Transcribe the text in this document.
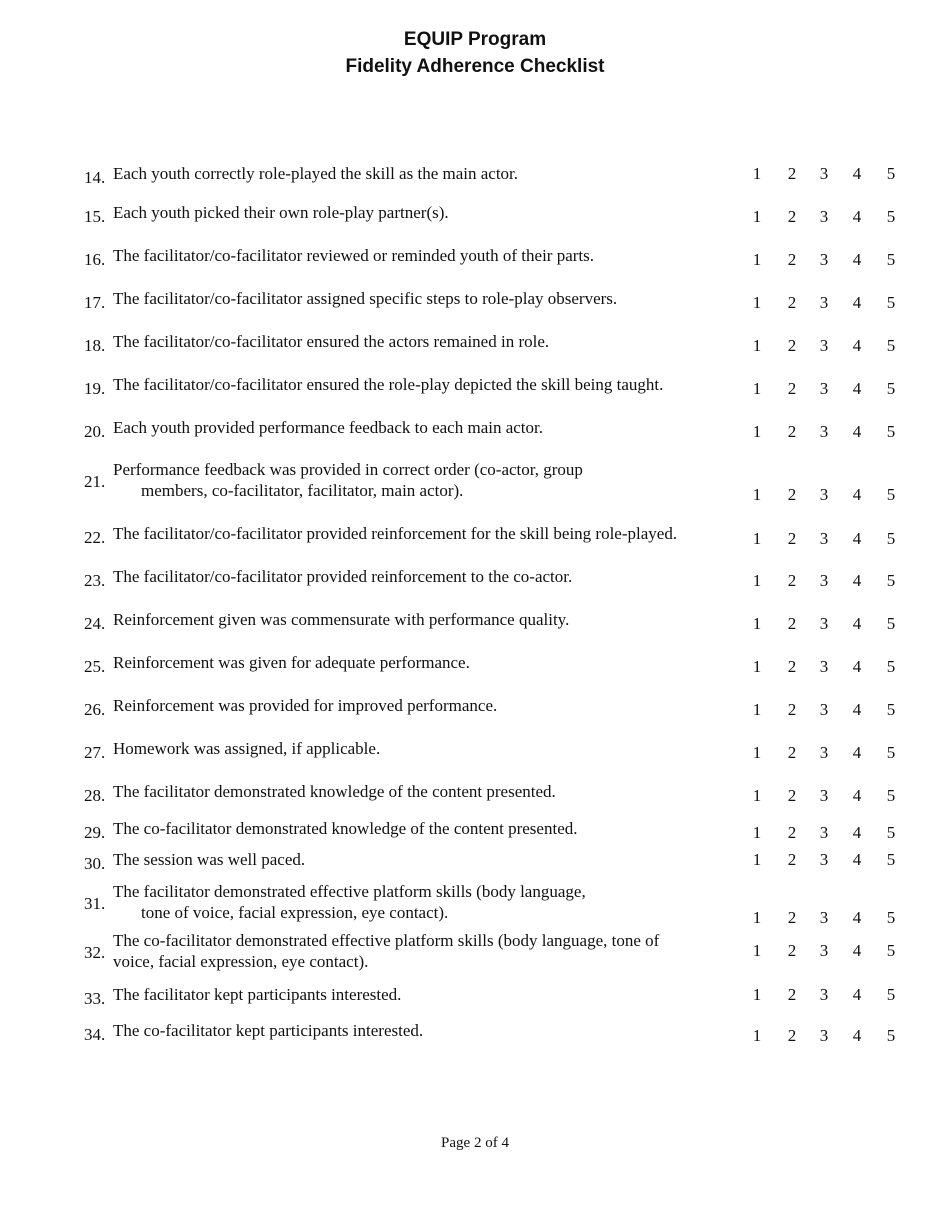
EQUIP Program
Fidelity Adherence Checklist
14. Each youth correctly role-played the skill as the main actor.	1	2	3	4	5
15. Each youth picked their own role-play partner(s).	1	2	3	4	5
16. The facilitator/co-facilitator reviewed or reminded youth of their parts.	1	2	3	4	5
17. The facilitator/co-facilitator assigned specific steps to role-play observers.	1	2	3	4	5
18. The facilitator/co-facilitator ensured the actors remained in role.	1	2	3	4	5
19. The facilitator/co-facilitator ensured the role-play depicted the skill being taught.	1	2	3	4	5
20. Each youth provided performance feedback to each main actor.	1	2	3	4	5
21.
Performance feedback was provided in correct order (co-actor, group
members, co-facilitator, facilitator, main actor).	1	2	3	4	5
22. The facilitator/co-facilitator provided reinforcement for the skill being role-played.	1	2	3	4	5
23. The facilitator/co-facilitator provided reinforcement to the co-actor.	1	2	3	4	5
24. Reinforcement given was commensurate with performance quality.	1	2	3	4	5
25. Reinforcement was given for adequate performance.	1	2	3	4	5
26. Reinforcement was provided for improved performance.	1	2	3	4	5
27. Homework was assigned, if applicable.	1	2	3	4	5
28. The facilitator demonstrated knowledge of the content presented.	1	2	3	4	5
29. The co-facilitator demonstrated knowledge of the content presented.	1	2	3	4	5
30. The session was well paced.	1	2	3	4	5
31.
The facilitator demonstrated effective platform skills (body language,
tone of voice, facial expression, eye contact).	1	2	3	4	5
32.
The co-facilitator demonstrated effective platform skills (body language, tone of
voice, facial expression, eye contact).
1	2	3	4	5
33. The facilitator kept participants interested.	1	2	3	4	5
34. The co-facilitator kept participants interested.	1	2	3	4	5
Page 2 of 4
